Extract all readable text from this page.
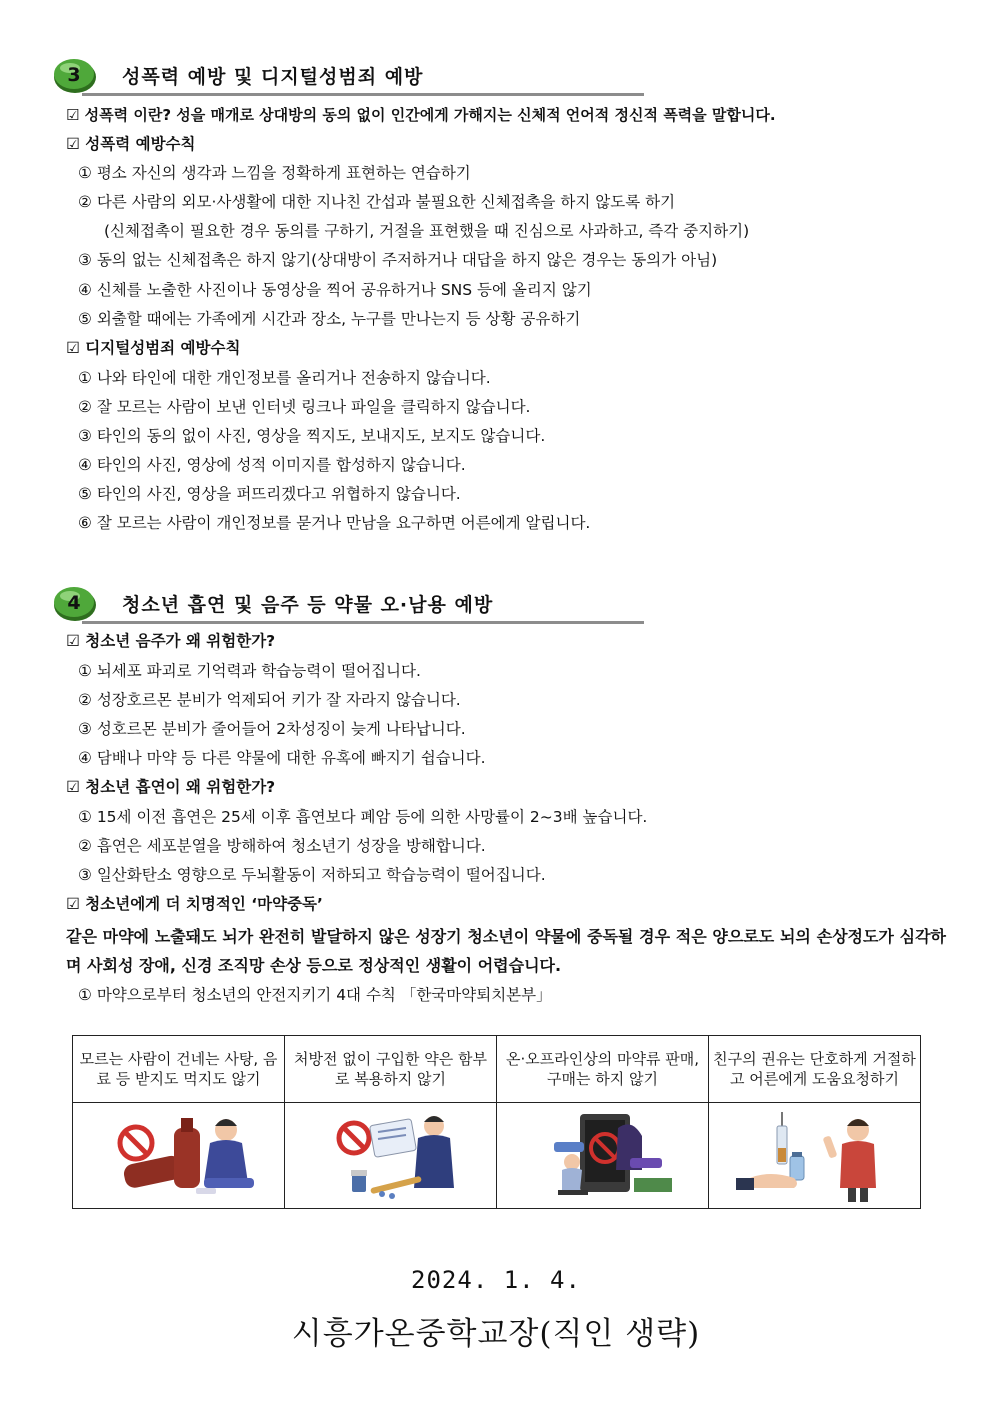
3 성폭력 예방 및 디지털성범죄 예방
☑ 성폭력 이란? 성을 매개로 상대방의 동의 없이 인간에게 가해지는 신체적 언어적 정신적 폭력을 말합니다.
☑ 성폭력 예방수칙
① 평소 자신의 생각과 느낌을 정확하게 표현하는 연습하기
② 다른 사람의 외모·사생활에 대한 지나친 간섭과 불필요한 신체접촉을 하지 않도록 하기
(신체접촉이 필요한 경우 동의를 구하기, 거절을 표현했을 때 진심으로 사과하고, 즉각 중지하기)
③ 동의 없는 신체접촉은 하지 않기(상대방이 주저하거나 대답을 하지 않은 경우는 동의가 아님)
④ 신체를 노출한 사진이나 동영상을 찍어 공유하거나 SNS 등에 올리지 않기
⑤ 외출할 때에는 가족에게 시간과 장소, 누구를 만나는지 등 상황 공유하기
☑ 디지털성범죄 예방수칙
① 나와 타인에 대한 개인정보를 올리거나 전송하지 않습니다.
② 잘 모르는 사람이 보낸 인터넷 링크나 파일을 클릭하지 않습니다.
③ 타인의 동의 없이 사진, 영상을 찍지도, 보내지도, 보지도 않습니다.
④ 타인의 사진, 영상에 성적 이미지를 합성하지 않습니다.
⑤ 타인의 사진, 영상을 퍼뜨리겠다고 위협하지 않습니다.
⑥ 잘 모르는 사람이 개인정보를 묻거나 만남을 요구하면 어른에게 알립니다.
4 청소년 흡연 및 음주 등 약물 오·남용 예방
☑ 청소년 음주가 왜 위험한가?
① 뇌세포 파괴로 기억력과 학습능력이 떨어집니다.
② 성장호르몬 분비가 억제되어 키가 잘 자라지 않습니다.
③ 성호르몬 분비가 줄어들어 2차성징이 늦게 나타납니다.
④ 담배나 마약 등 다른 약물에 대한 유혹에 빠지기 쉽습니다.
☑ 청소년 흡연이 왜 위험한가?
① 15세 이전 흡연은 25세 이후 흡연보다 폐암 등에 의한 사망률이 2~3배 높습니다.
② 흡연은 세포분열을 방해하여 청소년기 성장을 방해합니다.
③ 일산화탄소 영향으로 두뇌활동이 저하되고 학습능력이 떨어집니다.
☑ 청소년에게 더 치명적인 ‘마약중독’
같은 마약에 노출돼도 뇌가 완전히 발달하지 않은 성장기 청소년이 약물에 중독될 경우 적은 양으로도 뇌의 손상정도가 심각하며 사회성 장애, 신경 조직망 손상 등으로 정상적인 생활이 어렵습니다.
① 마약으로부터 청소년의 안전지키기 4대 수칙 「한국마약퇴치본부」
모르는 사람이 건네는 사탕, 음료 등 받지도 먹지도 않기	처방전 없이 구입한 약은 함부로 복용하지 않기	온·오프라인상의 마약류 판매, 구매는 하지 않기	친구의 권유는 단호하게 거절하고 어른에게 도움요청하기

2024. 1. 4.
시흥가온중학교장(직인 생략)
